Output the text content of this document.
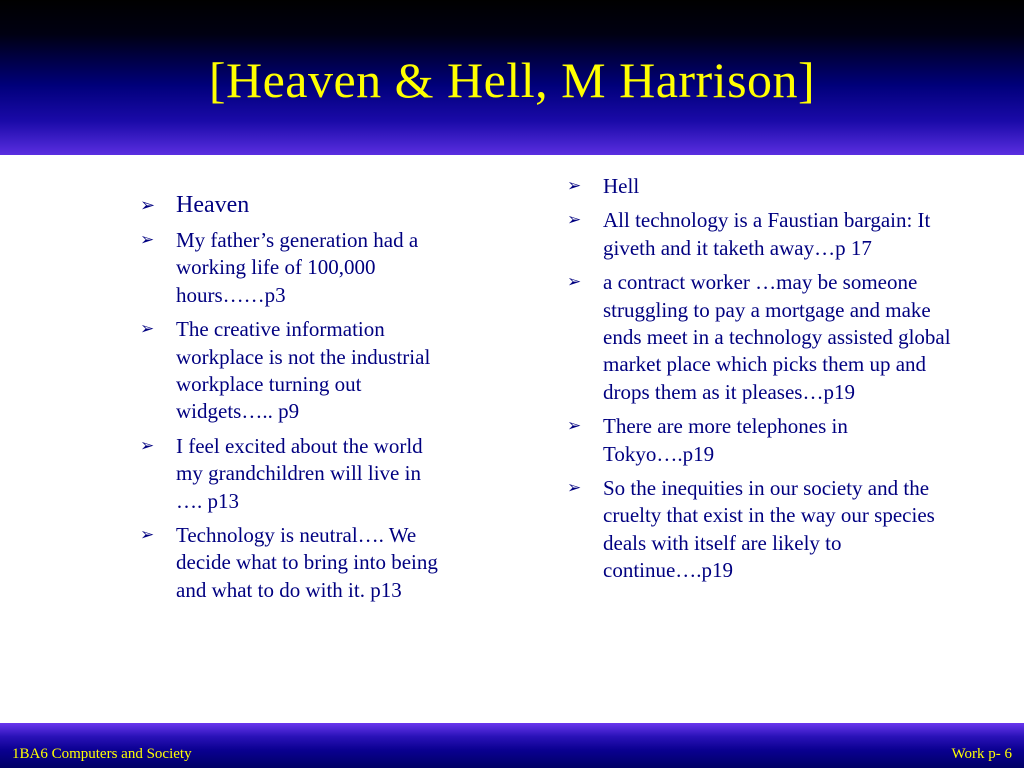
[Heaven & Hell, M Harrison]
➢ Heaven
➢ My father’s generation had a working life of 100,000 hours……p3
➢ The creative information workplace is not the industrial workplace turning out widgets….. p9
➢ I feel excited about the world my grandchildren will live in …. p13
➢ Technology is neutral…. We decide what to bring into being and what to do with it. p13
➢ Hell
➢ All technology is a Faustian bargain: It giveth and it taketh away…p 17
➢ a contract worker …may be someone struggling to pay a mortgage and make ends meet in a technology assisted global market place which picks them up and drops them as it pleases…p19
➢ There are more telephones in Tokyo….p19
➢ So the inequities in our society and the cruelty that exist in the way our species deals with itself are likely to continue….p19
1BA6 Computers and Society	Work p- 6
